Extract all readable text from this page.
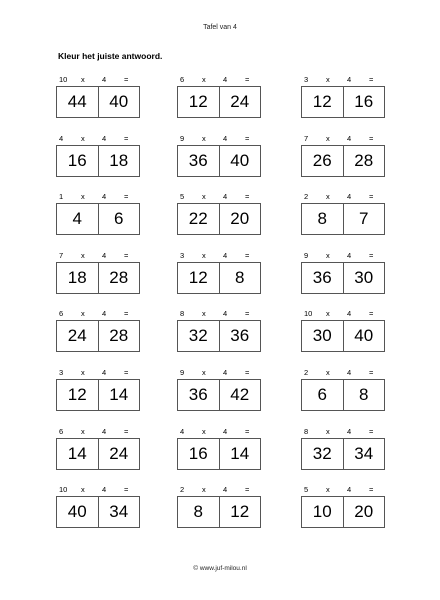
Tafel van 4
Kleur het juiste antwoord.
10 x 4 =
44	40
6 x 4 =
12	24
3 x 4 =
12	16
4 x 4 =
16	18
9 x 4 =
36	40
7 x 4 =
26	28
1 x 4 =
4	6
5 x 4 =
22	20
2 x 4 =
8	7
7 x 4 =
18	28
3 x 4 =
12	8
9 x 4 =
36	30
6 x 4 =
24	28
8 x 4 =
32	36
10 x 4 =
30	40
3 x 4 =
12	14
9 x 4 =
36	42
2 x 4 =
6	8
6 x 4 =
14	24
4 x 4 =
16	14
8 x 4 =
32	34
10 x 4 =
40	34
2 x 4 =
8	12
5 x 4 =
10	20
© www.juf-milou.nl
